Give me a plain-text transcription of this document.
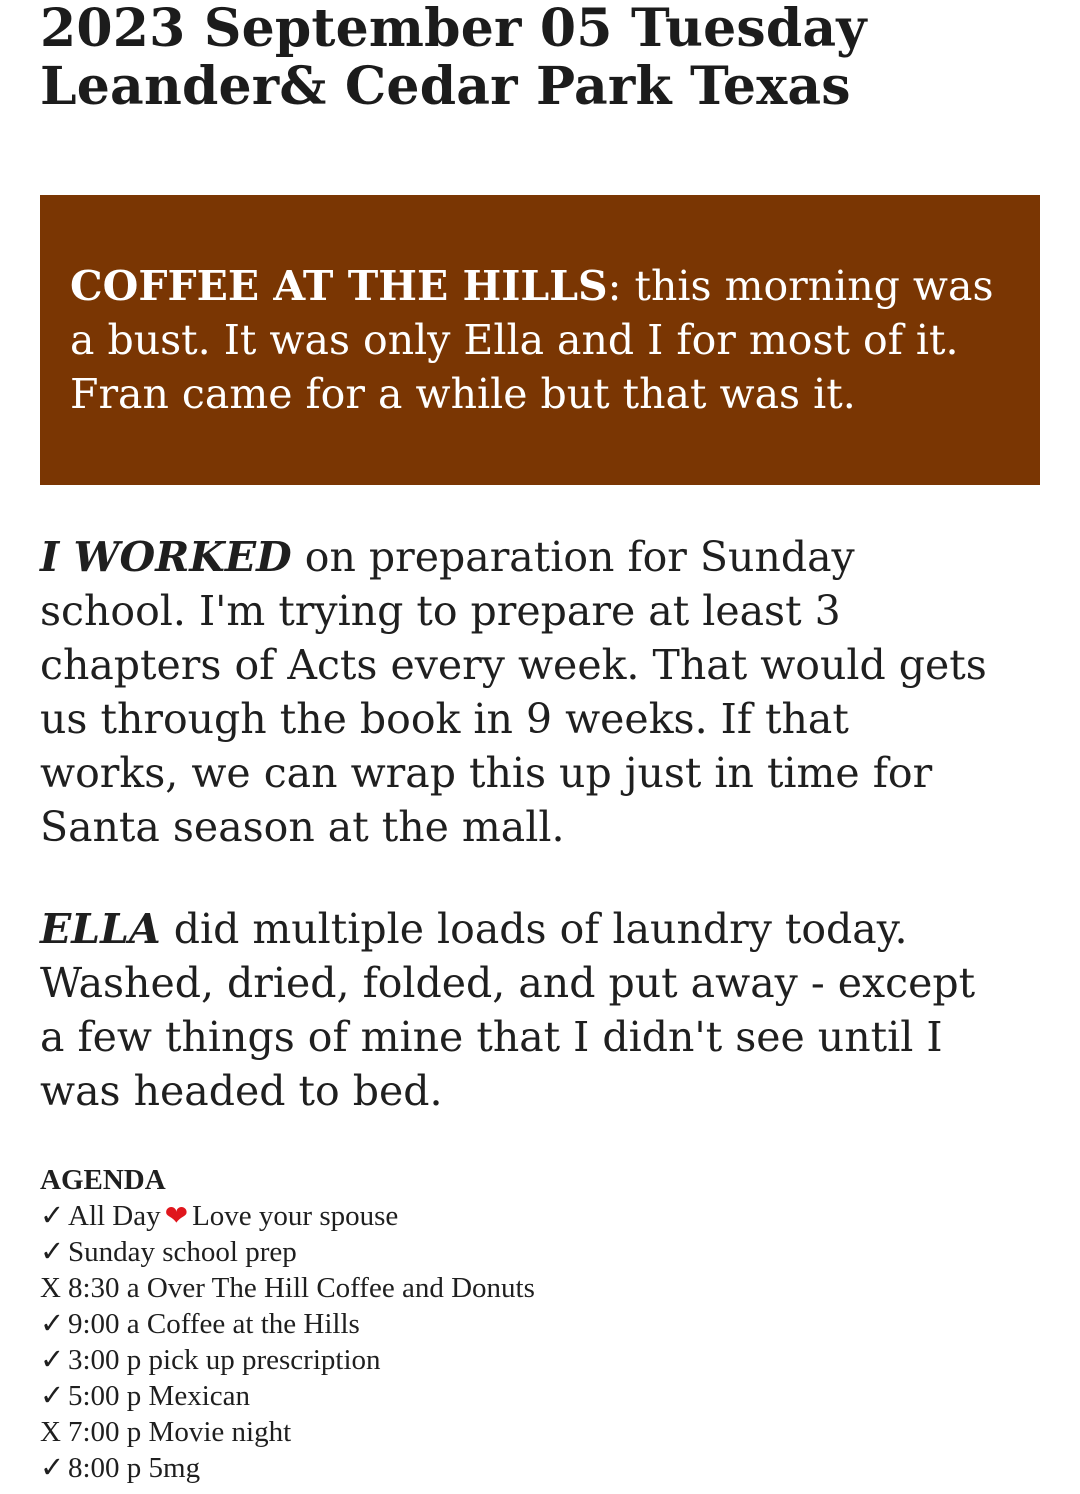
2023 September 05 Tuesday
Leander& Cedar Park Texas
COFFEE AT THE HILLS: this morning was
a bust. It was only Ella and I for most of it.
Fran came for a while but that was it.
I WORKED on preparation for Sunday
school. I'm trying to prepare at least 3
chapters of Acts every week. That would gets
us through the book in 9 weeks. If that
works, we can wrap this up just in time for
Santa season at the mall.
ELLA did multiple loads of laundry today.
Washed, dried, folded, and put away - except
a few things of mine that I didn't see until I
was headed to bed.
AGENDA
✓ All Day ❤ Love your spouse
✓ Sunday school prep
X 8:30 a Over The Hill Coffee and Donuts
✓ 9:00 a Coffee at the Hills
✓ 3:00 p pick up prescription
✓ 5:00 p Mexican
X 7:00 p Movie night
✓ 8:00 p 5mg
